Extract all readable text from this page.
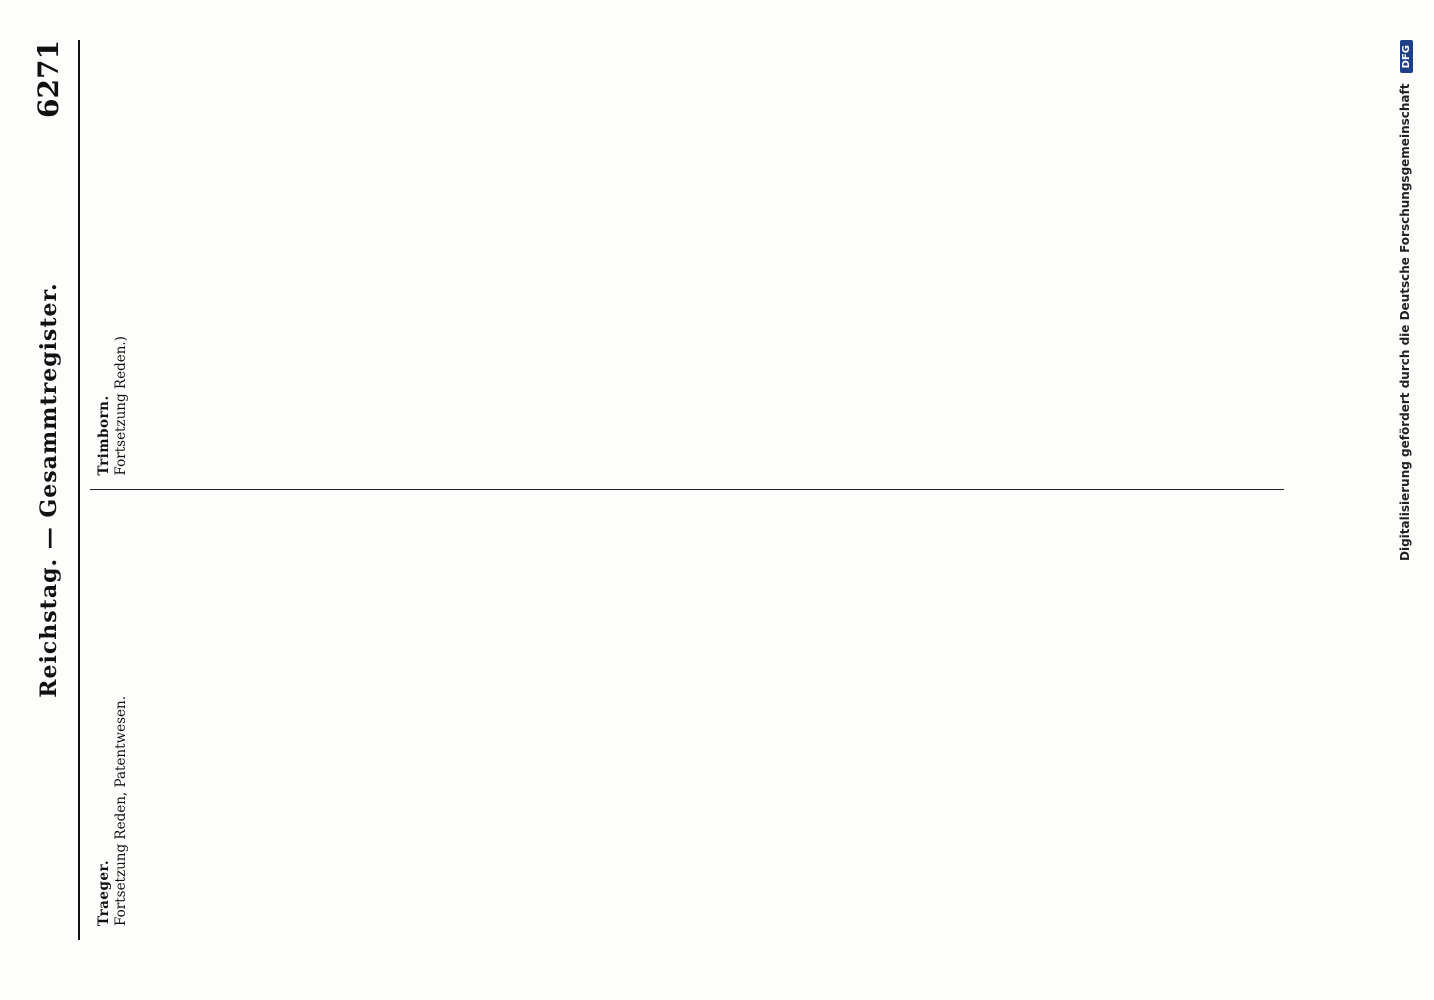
Reichstag. — Gesammtregister.
6271
Traeger. Fortsetzung Reden, Patentwesen.
Trimborn. Fortsetzung Reden.)	Digitalisierung gefördert durch die Deutsche Forschungsgemeinschaft DFG
